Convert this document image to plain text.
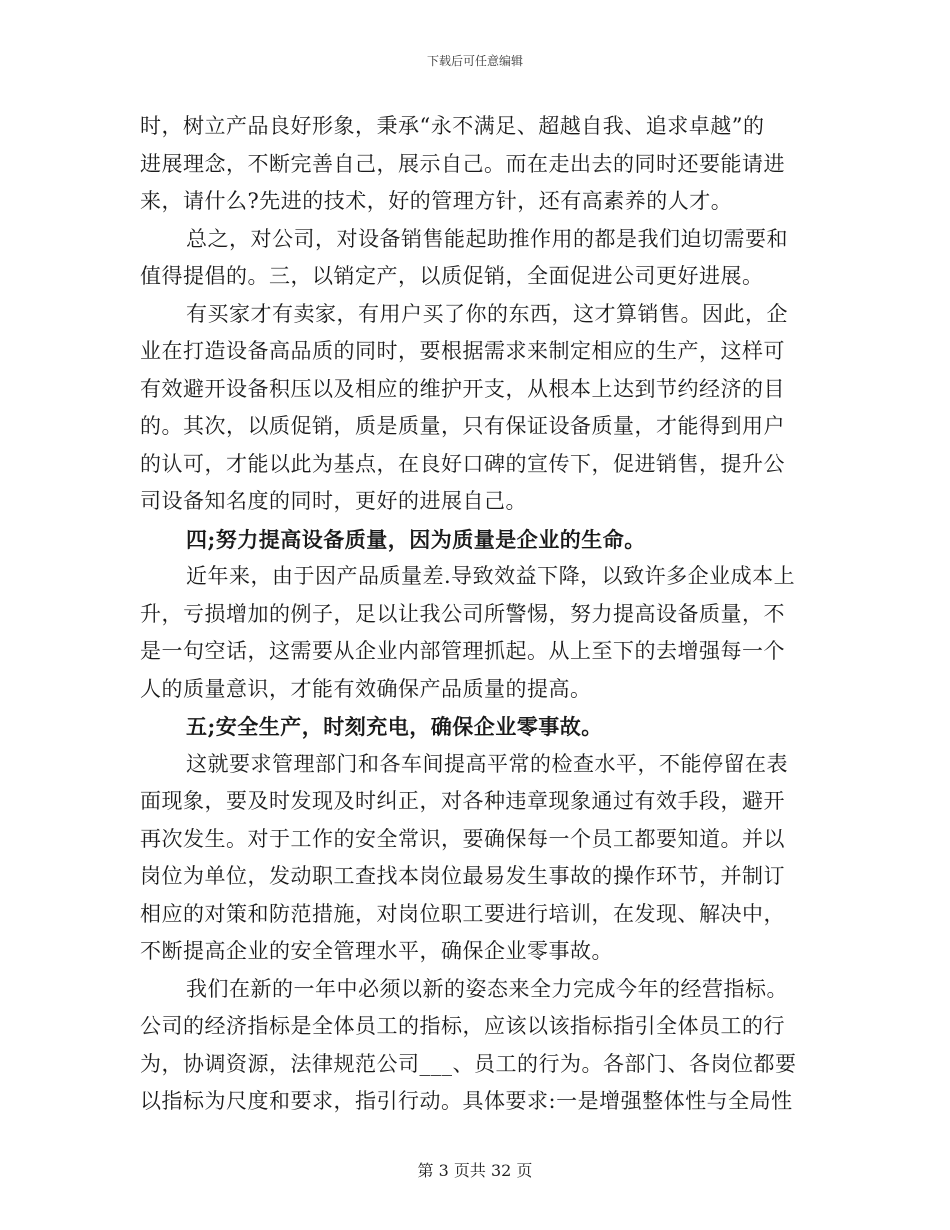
下载后可任意编辑
时，树立产品良好形象，秉承“永不满足、超越自我、追求卓越”的
进展理念，不断完善自己，展示自己。而在走出去的同时还要能请进
来，请什么?先进的技术，好的管理方针，还有高素养的人才。
总之，对公司，对设备销售能起助推作用的都是我们迫切需要和
值得提倡的。三，以销定产，以质促销，全面促进公司更好进展。
有买家才有卖家，有用户买了你的东西，这才算销售。因此，企
业在打造设备高品质的同时，要根据需求来制定相应的生产，这样可
有效避开设备积压以及相应的维护开支，从根本上达到节约经济的目
的。其次，以质促销，质是质量，只有保证设备质量，才能得到用户
的认可，才能以此为基点，在良好口碑的宣传下，促进销售，提升公
司设备知名度的同时，更好的进展自己。
四;努力提高设备质量，因为质量是企业的生命。
近年来，由于因产品质量差.导致效益下降，以致许多企业成本上
升，亏损增加的例子，足以让我公司所警惕，努力提高设备质量，不
是一句空话，这需要从企业内部管理抓起。从上至下的去增强每一个
人的质量意识，才能有效确保产品质量的提高。
五;安全生产，时刻充电，确保企业零事故。
这就要求管理部门和各车间提高平常的检查水平，不能停留在表
面现象，要及时发现及时纠正，对各种违章现象通过有效手段，避开
再次发生。对于工作的安全常识，要确保每一个员工都要知道。并以
岗位为单位，发动职工查找本岗位最易发生事故的操作环节，并制订
相应的对策和防范措施，对岗位职工要进行培训，在发现、解决中，
不断提高企业的安全管理水平，确保企业零事故。
我们在新的一年中必须以新的姿态来全力完成今年的经营指标。
公司的经济指标是全体员工的指标，应该以该指标指引全体员工的行
为，协调资源，法律规范公司___、员工的行为。各部门、各岗位都要
以指标为尺度和要求，指引行动。具体要求:一是增强整体性与全局性
第 3 页共 32 页
